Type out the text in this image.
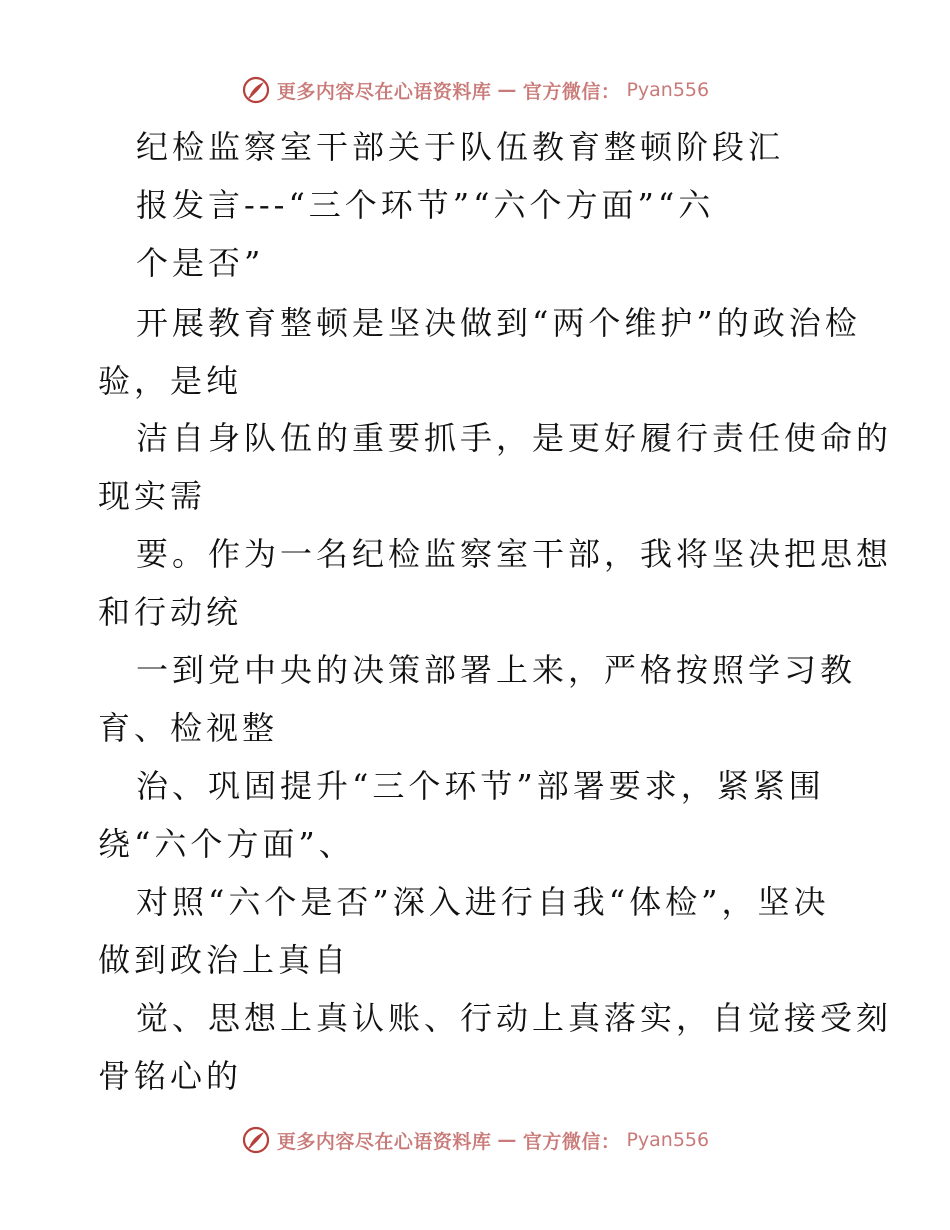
更多内容尽在心语资料库 — 官方微信： Pyan556
纪检监察室干部关于队伍教育整顿阶段汇
报发言---“三个环节”“六个方面”“六
个是否”
开展教育整顿是坚决做到“两个维护”的政治检
验，是纯
洁自身队伍的重要抓手，是更好履行责任使命的
现实需
要。作为一名纪检监察室干部，我将坚决把思想
和行动统
一到党中央的决策部署上来，严格按照学习教
育、检视整
治、巩固提升“三个环节”部署要求，紧紧围
绕“六个方面”、
对照“六个是否”深入进行自我“体检”，坚决
做到政治上真自
觉、思想上真认账、行动上真落实，自觉接受刻
骨铭心的
更多内容尽在心语资料库 — 官方微信： Pyan556
